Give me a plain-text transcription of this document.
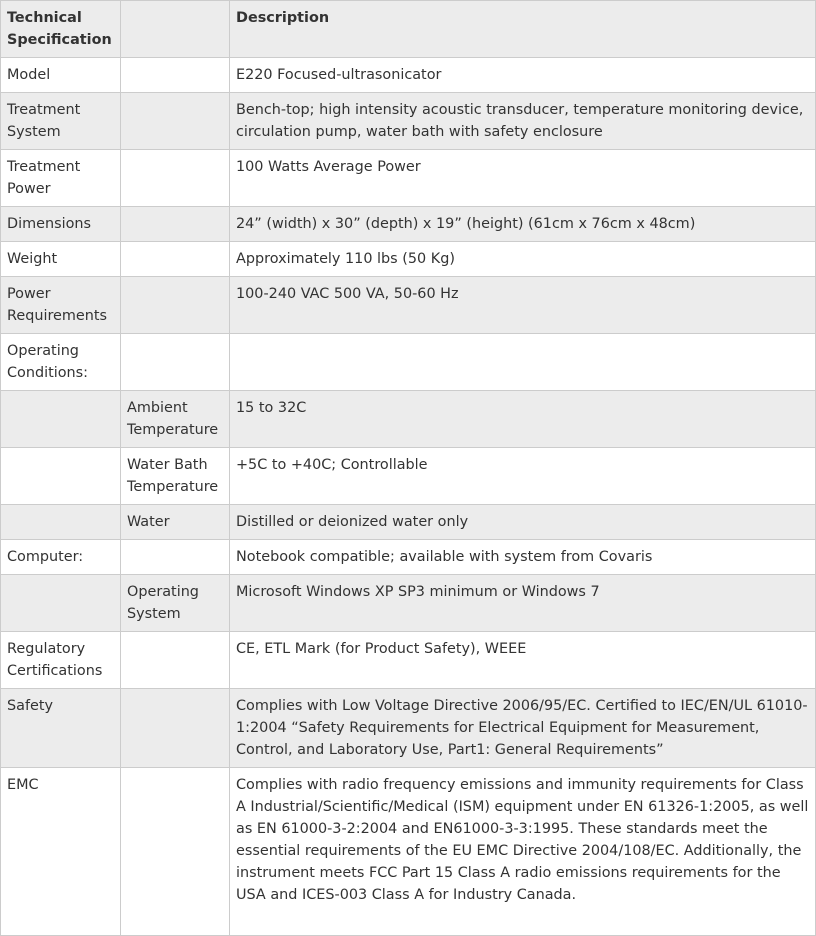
Technical Specification		Description
Model		E220 Focused-ultrasonicator
Treatment System		Bench-top; high intensity acoustic transducer, temperature monitoring device, circulation pump, water bath with safety enclosure
Treatment Power		100 Watts Average Power
Dimensions		24” (width) x 30” (depth) x 19” (height) (61cm x 76cm x 48cm)
Weight		Approximately 110 lbs (50 Kg)
Power Requirements		100-240 VAC 500 VA, 50-60 Hz
Operating Conditions:		
	Ambient Temperature	15 to 32C
	Water Bath Temperature	+5C to +40C; Controllable
	Water	Distilled or deionized water only
Computer:		Notebook compatible; available with system from Covaris
	Operating System	Microsoft Windows XP SP3 minimum or Windows 7
Regulatory Certifications		CE, ETL Mark (for Product Safety), WEEE
Safety		Complies with Low Voltage Directive 2006/95/EC. Certified to IEC/EN/UL 61010-1:2004 “Safety Requirements for Electrical Equipment for Measurement, Control, and Laboratory Use, Part1: General Requirements”
EMC		Complies with radio frequency emissions and immunity requirements for Class A Industrial/Scientific/Medical (ISM) equipment under EN 61326-1:2005, as well as EN 61000-3-2:2004 and EN61000-3-3:1995. These standards meet the essential requirements of the EU EMC Directive 2004/108/EC. Additionally, the instrument meets FCC Part 15 Class A radio emissions requirements for the USA and ICES-003 Class A for Industry Canada.
